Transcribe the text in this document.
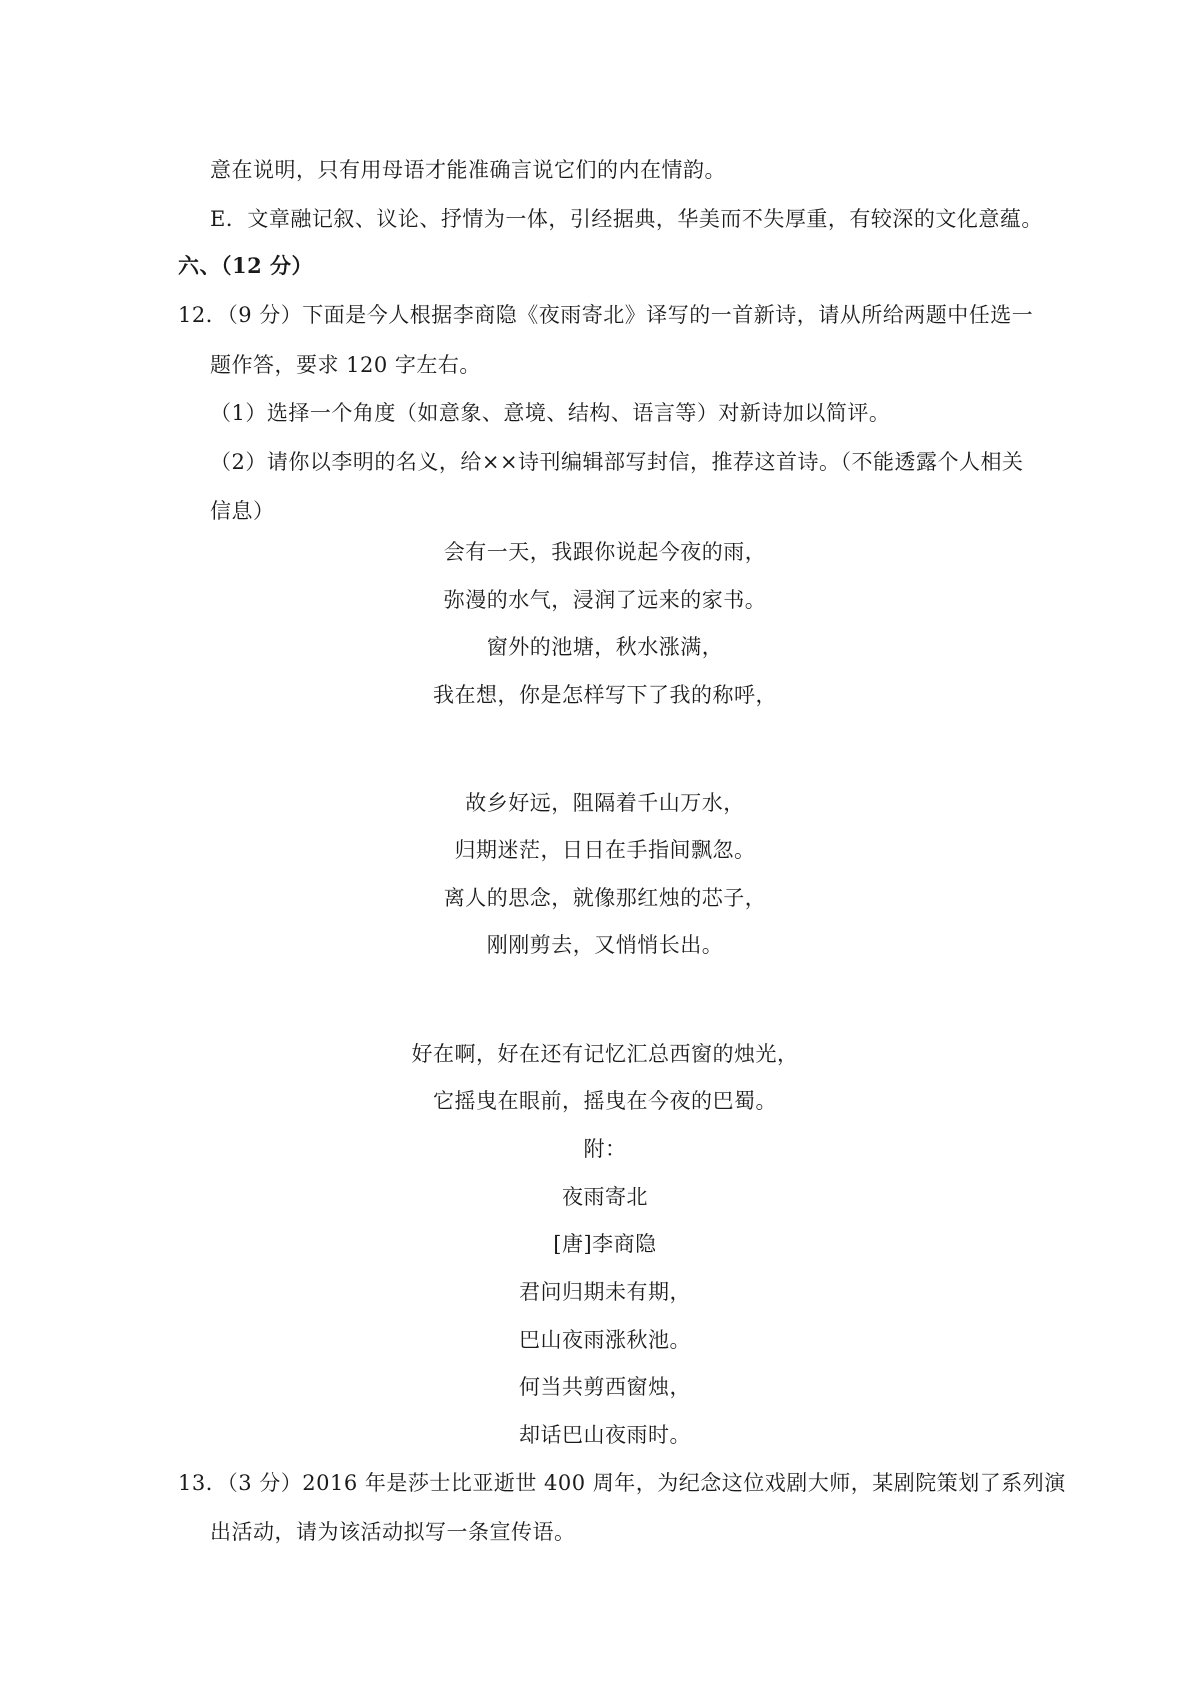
意在说明，只有用母语才能准确言说它们的内在情韵。
E．文章融记叙、议论、抒情为一体，引经据典，华美而不失厚重，有较深的文化意蕴。
六、（12 分）
12．（9 分）下面是今人根据李商隐《夜雨寄北》译写的一首新诗，请从所给两题中任选一
题作答，要求 120 字左右。
（1）选择一个角度（如意象、意境、结构、语言等）对新诗加以简评。
（2）请你以李明的名义，给××诗刊编辑部写封信，推荐这首诗。（不能透露个人相关
信息）
会有一天，我跟你说起今夜的雨，
弥漫的水气，浸润了远来的家书。
窗外的池塘，秋水涨满，
我在想，你是怎样写下了我的称呼，
故乡好远，阻隔着千山万水，
归期迷茫，日日在手指间飘忽。
离人的思念，就像那红烛的芯子，
刚刚剪去，又悄悄长出。
好在啊，好在还有记忆汇总西窗的烛光，
它摇曳在眼前，摇曳在今夜的巴蜀。
附：
夜雨寄北
[唐]李商隐
君问归期未有期，
巴山夜雨涨秋池。
何当共剪西窗烛，
却话巴山夜雨时。
13．（3 分）2016 年是莎士比亚逝世 400 周年，为纪念这位戏剧大师，某剧院策划了系列演
出活动，请为该活动拟写一条宣传语。
